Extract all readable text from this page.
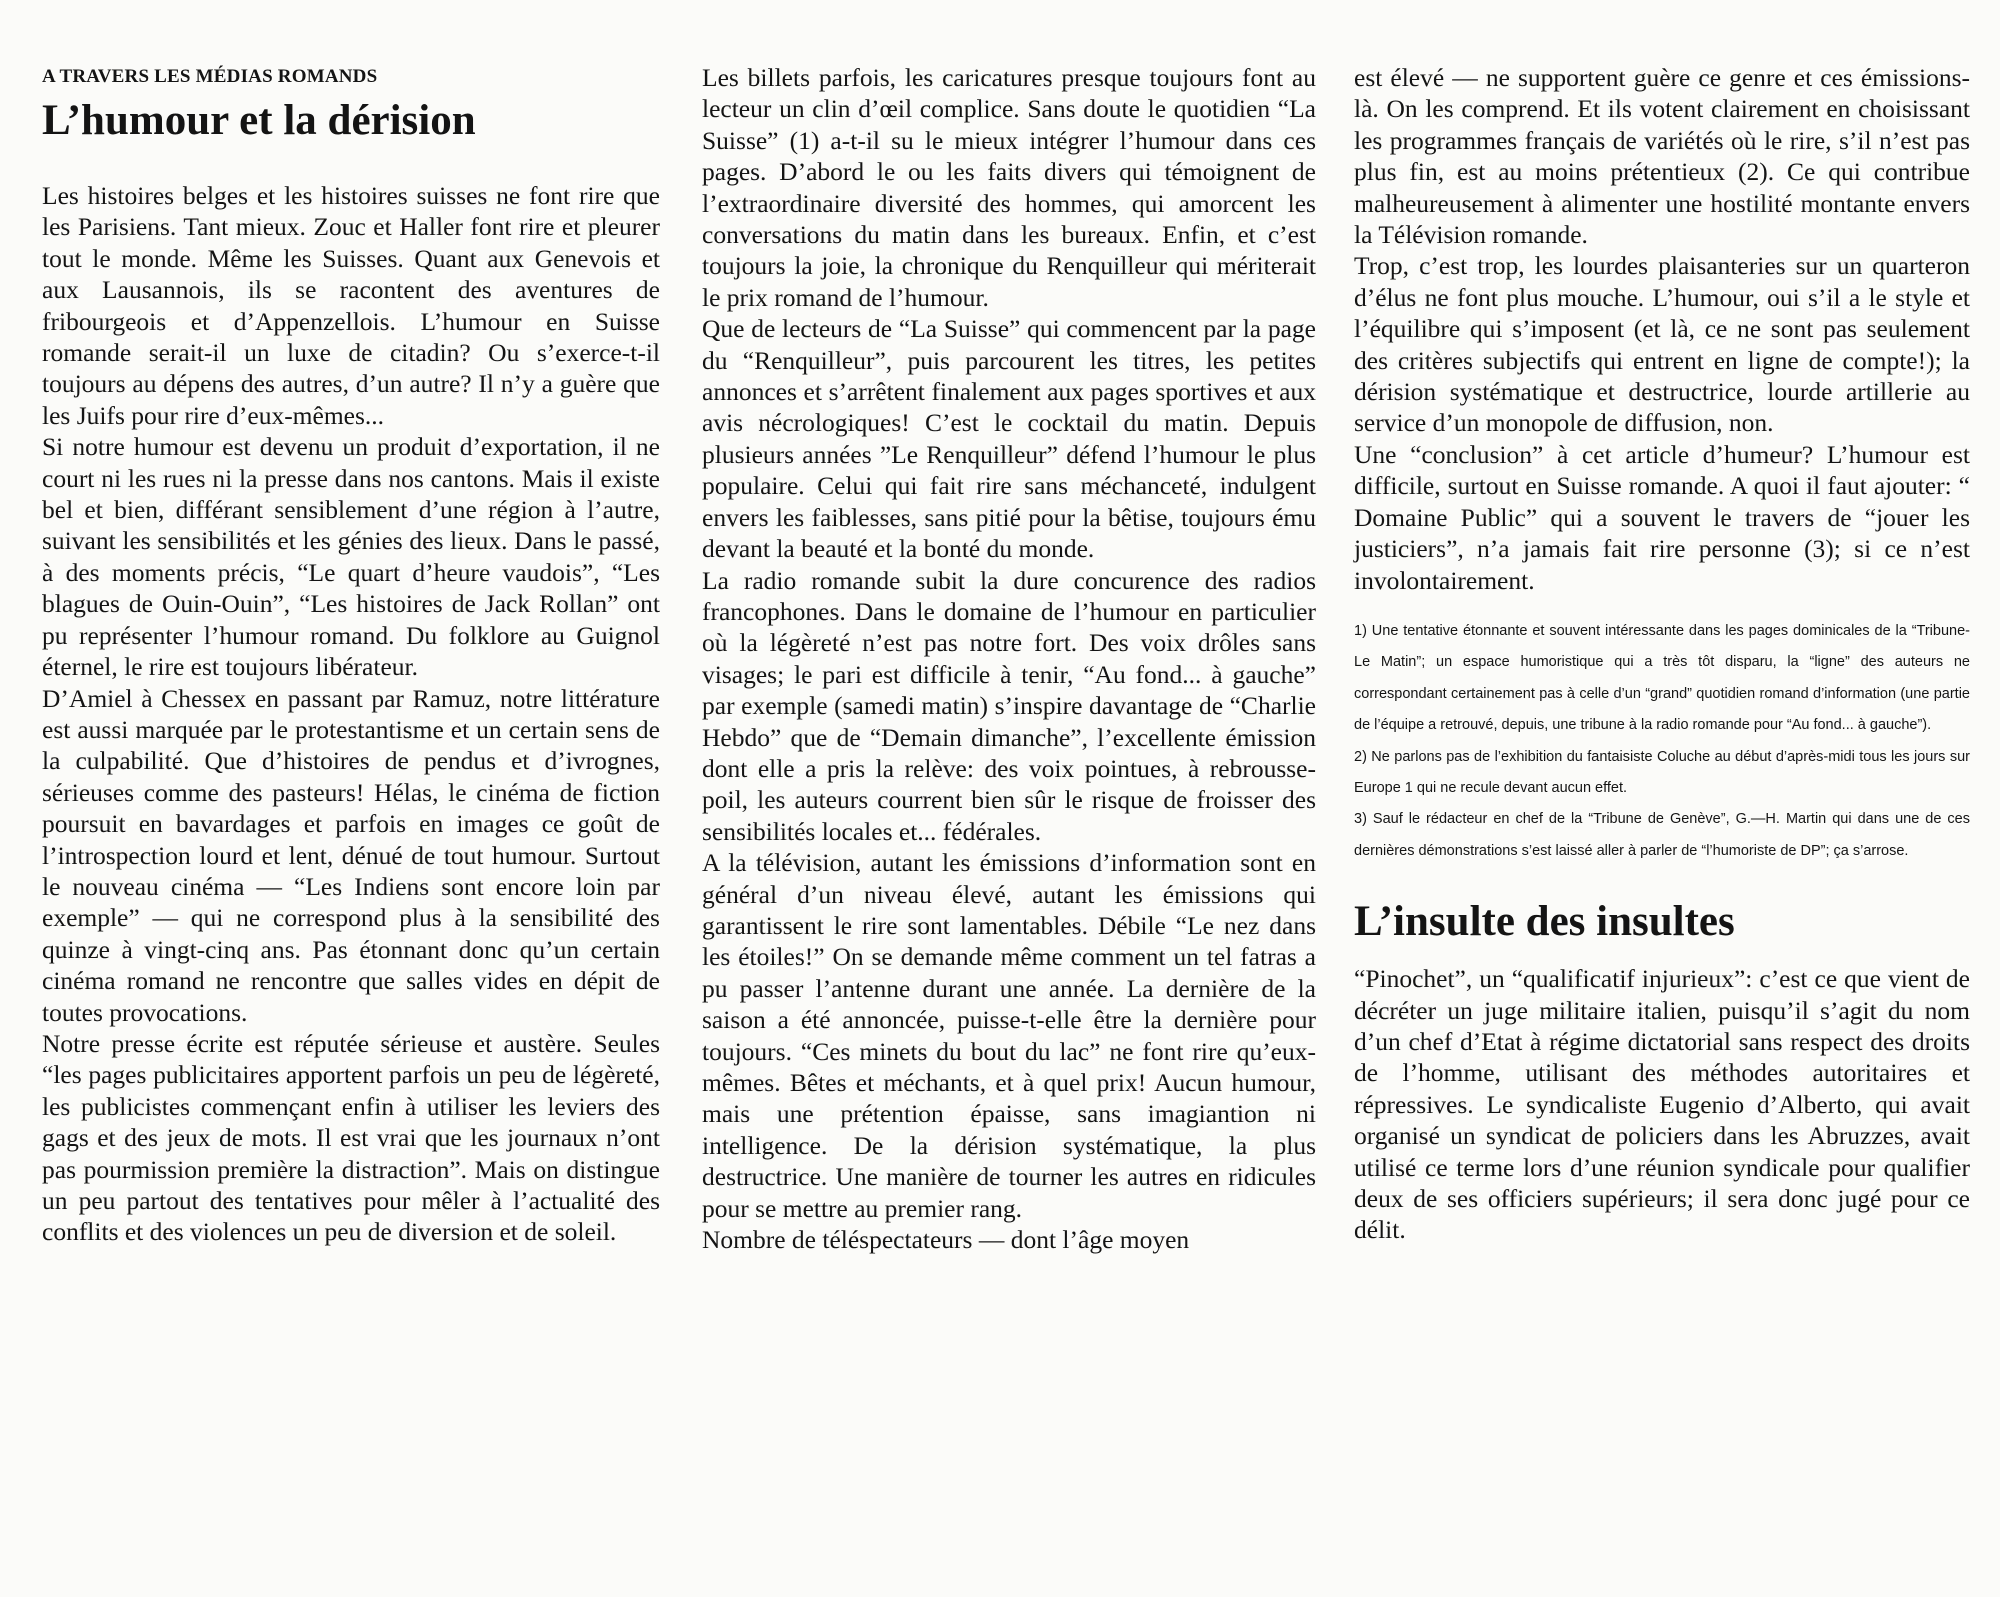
A TRAVERS LES MÉDIAS ROMANDS
L’humour et la dérision

Les histoires belges et les histoires suisses ne font rire que les Parisiens. Tant mieux. Zouc et Haller font rire et pleurer tout le monde. Même les Suisses. Quant aux Genevois et aux Lausannois, ils se racontent des aventures de fribourgeois et d’Appenzellois. L’humour en Suisse romande serait-il un luxe de citadin? Ou s’exerce-t-il toujours au dépens des autres, d’un autre? Il n’y a guère que les Juifs pour rire d’eux-mêmes...

Si notre humour est devenu un produit d’exportation, il ne court ni les rues ni la presse dans nos cantons. Mais il existe bel et bien, différant sensiblement d’une région à l’autre, suivant les sensibilités et les génies des lieux. Dans le passé, à des moments précis, “Le quart d’heure vaudois”, “Les blagues de Ouin-Ouin”, “Les histoires de Jack Rollan” ont pu représenter l’humour romand. Du folklore au Guignol éternel, le rire est toujours libérateur.

D’Amiel à Chessex en passant par Ramuz, notre littérature est aussi marquée par le protestantisme et un certain sens de la culpabilité. Que d’histoires de pendus et d’ivrognes, sérieuses comme des pasteurs! Hélas, le cinéma de fiction poursuit en bavardages et parfois en images ce goût de l’introspection lourd et lent, dénué de tout humour. Surtout le nouveau cinéma — “Les Indiens sont encore loin par exemple” — qui ne correspond plus à la sensibilité des quinze à vingt-cinq ans. Pas étonnant donc qu’un certain cinéma romand ne rencontre que salles vides en dépit de toutes provocations.

Notre presse écrite est réputée sérieuse et austère. Seules “les pages publicitaires apportent parfois un peu de légèreté, les publicistes commençant enfin à utiliser les leviers des gags et des jeux de mots. Il est vrai que les journaux n’ont pas pourmission première la distraction”. Mais on distingue un peu partout des tentatives pour mêler à l’actualité des conflits et des violences un peu de diversion et de soleil.

Les billets parfois, les caricatures presque toujours font au lecteur un clin d’œil complice. Sans doute le quotidien “La Suisse” (1) a-t-il su le mieux intégrer l’humour dans ces pages. D’abord le ou les faits divers qui témoignent de l’extraordinaire diversité des hommes, qui amorcent les conversations du matin dans les bureaux. Enfin, et c’est toujours la joie, la chronique du Renquilleur qui mériterait le prix romand de l’humour.

Que de lecteurs de “La Suisse” qui commencent par la page du “Renquilleur”, puis parcourent les titres, les petites annonces et s’arrêtent finalement aux pages sportives et aux avis nécrologiques! C’est le cocktail du matin. Depuis plusieurs années ”Le Renquilleur” défend l’humour le plus populaire. Celui qui fait rire sans méchanceté, indulgent envers les faiblesses, sans pitié pour la bêtise, toujours ému devant la beauté et la bonté du monde.

La radio romande subit la dure concurence des radios francophones. Dans le domaine de l’humour en particulier où la légèreté n’est pas notre fort. Des voix drôles sans visages; le pari est difficile à tenir, “Au fond... à gauche” par exemple (samedi matin) s’inspire davantage de “Charlie Hebdo” que de “Demain dimanche”, l’excellente émission dont elle a pris la relève: des voix pointues, à rebrousse- poil, les auteurs courrent bien sûr le risque de froisser des sensibilités locales et... fédérales.

A la télévision, autant les émissions d’information sont en général d’un niveau élevé, autant les émissions qui garantissent le rire sont lamentables. Débile “Le nez dans les étoiles!” On se demande même comment un tel fatras a pu passer l’antenne durant une année. La dernière de la saison a été annoncée, puisse-t-elle être la dernière pour toujours. “Ces minets du bout du lac” ne font rire qu’eux-mêmes. Bêtes et méchants, et à quel prix! Aucun humour, mais une prétention épaisse, sans imagiantion ni intelligence. De la dérision systématique, la plus destructrice. Une manière de tourner les autres en ridicules pour se mettre au premier rang.

Nombre de téléspectateurs — dont l’âge moyen

est élevé — ne supportent guère ce genre et ces émissions-là. On les comprend. Et ils votent clairement en choisissant les programmes français de variétés où le rire, s’il n’est pas plus fin, est au moins prétentieux (2). Ce qui contribue malheureusement à alimenter une hostilité montante envers la Télévision romande.

Trop, c’est trop, les lourdes plaisanteries sur un quarteron d’élus ne font plus mouche. L’humour, oui s’il a le style et l’équilibre qui s’imposent (et là, ce ne sont pas seulement des critères subjectifs qui entrent en ligne de compte!); la dérision systématique et destructrice, lourde artillerie au service d’un monopole de diffusion, non.

Une “conclusion” à cet article d’humeur? L’humour est difficile, surtout en Suisse romande. A quoi il faut ajouter: “ Domaine Public” qui a souvent le travers de “jouer les justiciers”, n’a jamais fait rire personne (3); si ce n’est involontairement.

1) Une tentative étonnante et souvent intéressante dans les pages dominicales de la “Tribune-Le Matin”; un espace humoristique qui a très tôt disparu, la “ligne” des auteurs ne correspondant certainement pas à celle d’un “grand” quotidien romand d’information (une partie de l’équipe a retrouvé, depuis, une tribune à la radio romande pour “Au fond... à gauche”).

2) Ne parlons pas de l’exhibition du fantaisiste Coluche au début d’après-midi tous les jours sur Europe 1 qui ne recule devant aucun effet.

3) Sauf le rédacteur en chef de la “Tribune de Genève”, G.—H. Martin qui dans une de ces dernières démonstrations s’est laissé aller à parler de “l’humoriste de DP”; ça s’arrose.

L’insulte des insultes

“Pinochet”, un “qualificatif injurieux”: c’est ce que vient de décréter un juge militaire italien, puisqu’il s’agit du nom d’un chef d’Etat à régime dictatorial sans respect des droits de l’homme, utilisant des méthodes autoritaires et répressives. Le syndicaliste Eugenio d’Alberto, qui avait organisé un syndicat de policiers dans les Abruzzes, avait utilisé ce terme lors d’une réunion syndicale pour qualifier deux de ses officiers supérieurs; il sera donc jugé pour ce délit.
